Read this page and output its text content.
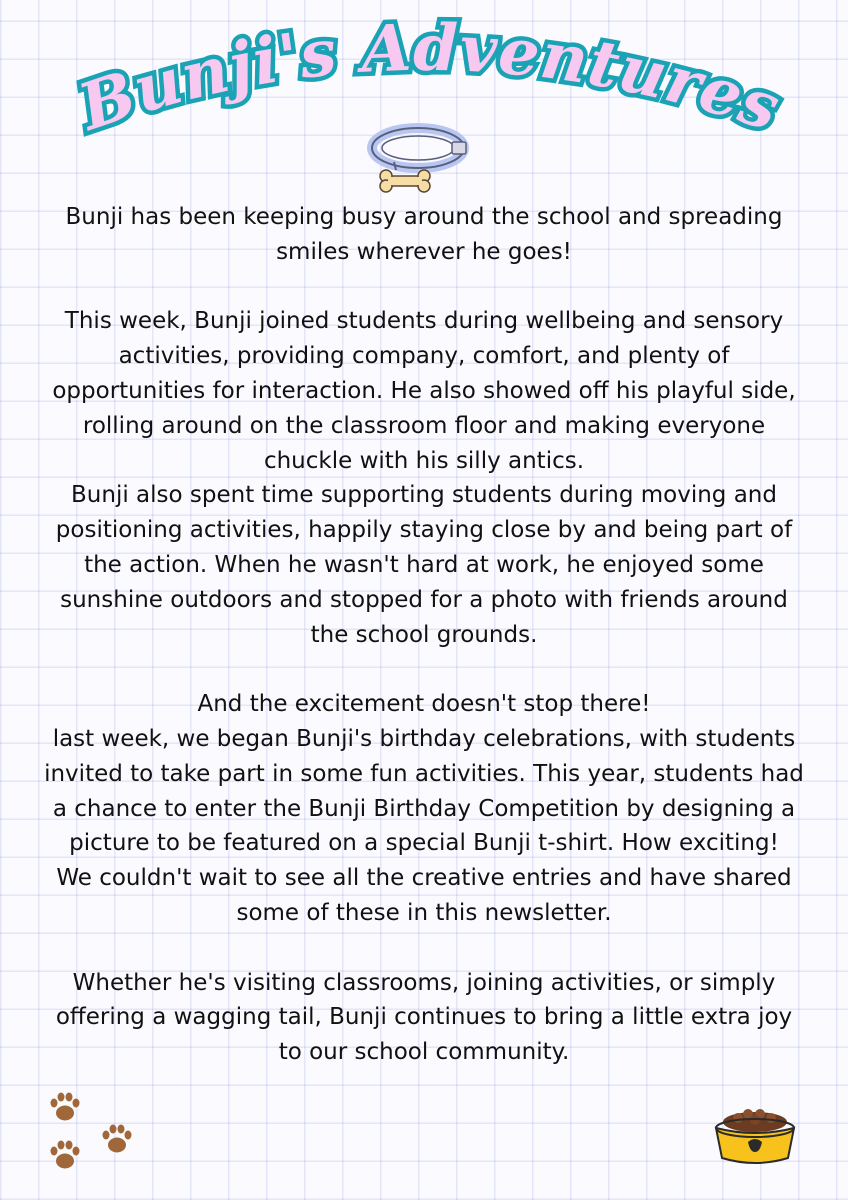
Bunji's Adventures

Bunji has been keeping busy around the school and spreading
smiles wherever he goes!

This week, Bunji joined students during wellbeing and sensory
activities, providing company, comfort, and plenty of
opportunities for interaction. He also showed off his playful side,
rolling around on the classroom floor and making everyone
chuckle with his silly antics.

Bunji also spent time supporting students during moving and
positioning activities, happily staying close by and being part of
the action. When he wasn't hard at work, he enjoyed some
sunshine outdoors and stopped for a photo with friends around
the school grounds.

And the excitement doesn't stop there!
last week, we began Bunji's birthday celebrations, with students
invited to take part in some fun activities. This year, students had
a chance to enter the Bunji Birthday Competition by designing a
picture to be featured on a special Bunji t-shirt. How exciting!
We couldn't wait to see all the creative entries and have shared
some of these in this newsletter.

Whether he's visiting classrooms, joining activities, or simply
offering a wagging tail, Bunji continues to bring a little extra joy
to our school community.
